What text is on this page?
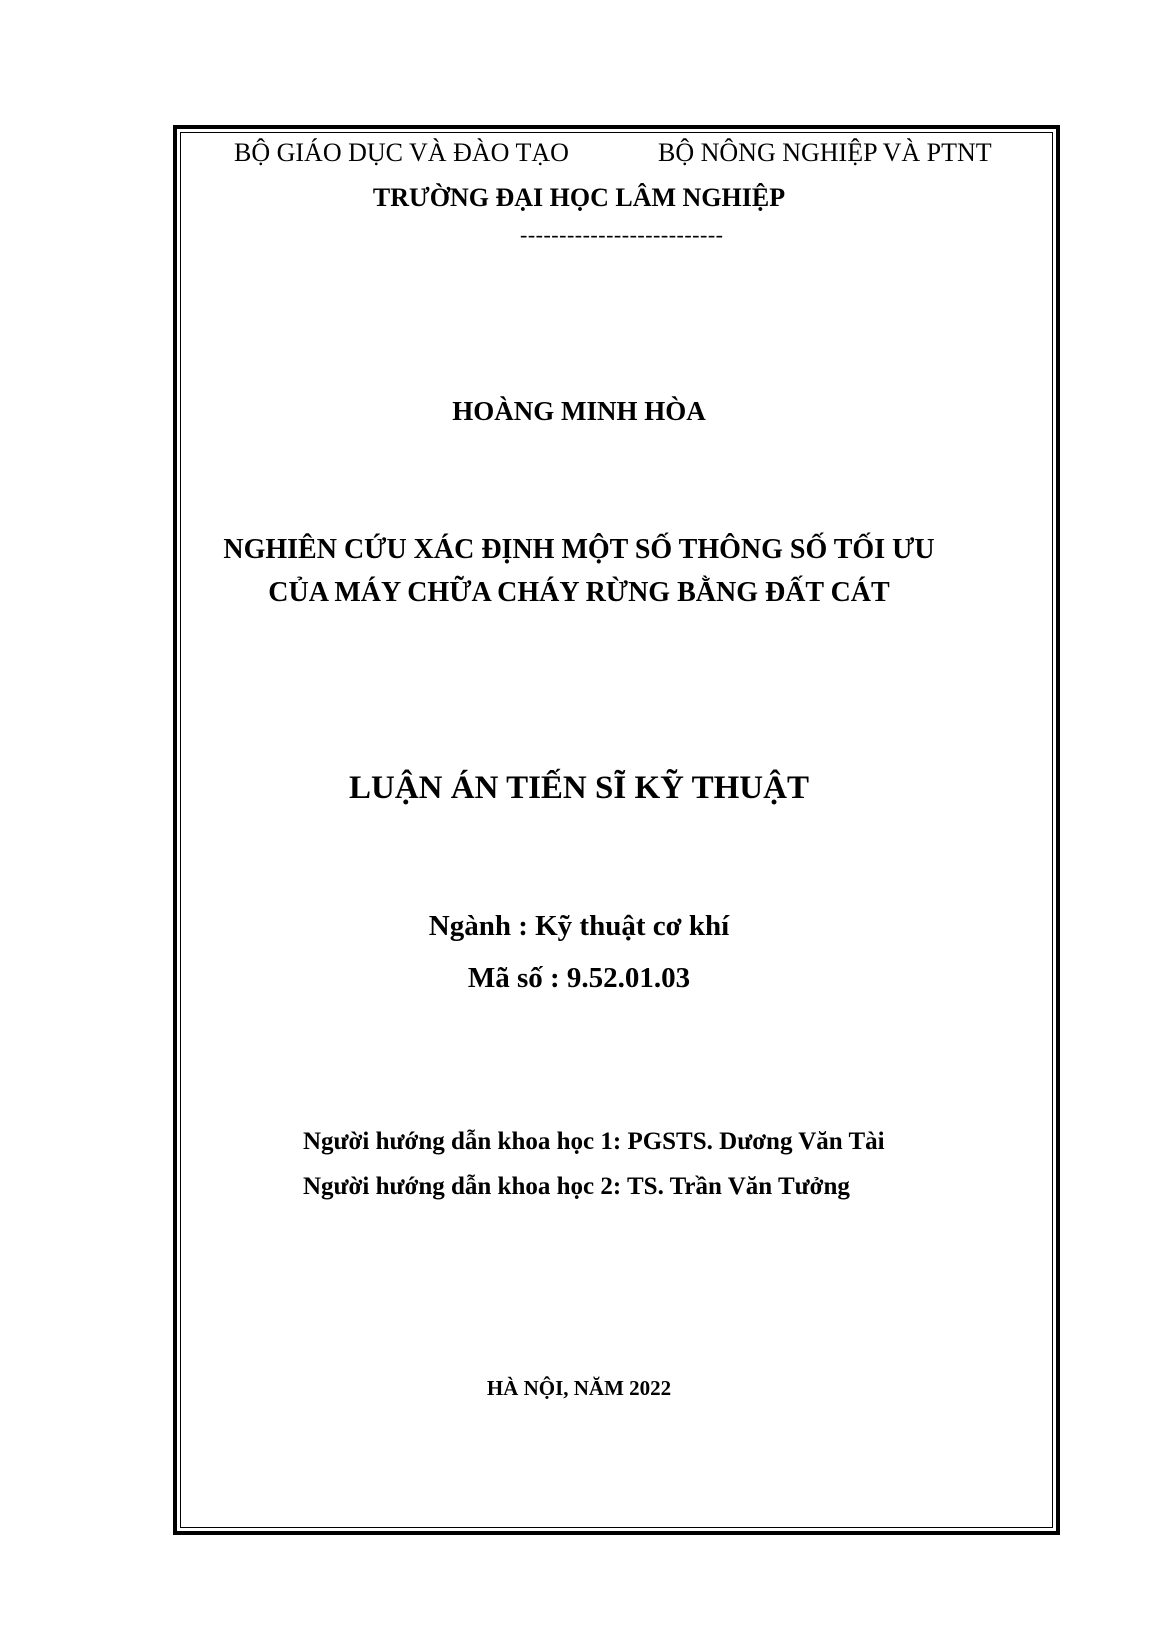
BỘ GIÁO DỤC VÀ ĐÀO TẠO	BỘ NÔNG NGHIỆP VÀ PTNT
TRƯỜNG ĐẠI HỌC LÂM NGHIỆP
--------------------------
HOÀNG MINH HÒA
NGHIÊN CỨU XÁC ĐỊNH MỘT SỐ THÔNG SỐ TỐI ƯU
CỦA MÁY CHỮA CHÁY RỪNG BẰNG ĐẤT CÁT
LUẬN ÁN TIẾN SĨ KỸ THUẬT
Ngành : Kỹ thuật cơ khí
Mã số : 9.52.01.03
Người hướng dẫn khoa học 1: PGSTS. Dương Văn Tài
Người hướng dẫn khoa học 2: TS. Trần Văn Tưởng
HÀ NỘI, NĂM 2022
